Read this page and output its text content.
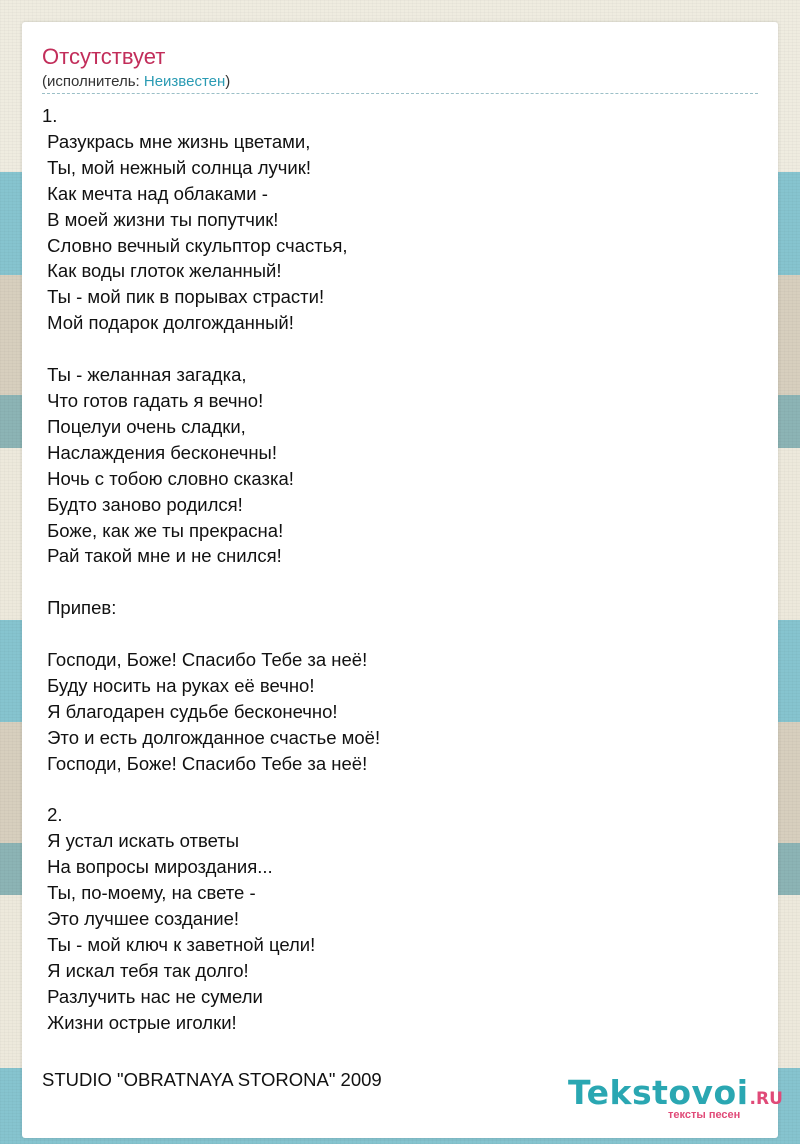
Отсутствует
(исполнитель: Неизвестен)
1.
Разукрась мне жизнь цветами,
Ты, мой нежный солнца лучик!
Как мечта над облаками -
В моей жизни ты попутчик!
Словно вечный скульптор счастья,
Как воды глоток желанный!
Ты - мой пик в порывах страсти!
Мой подарок долгожданный!

Ты - желанная загадка,
Что готов гадать я вечно!
Поцелуи очень сладки,
Наслаждения бесконечны!
Ночь с тобою словно сказка!
Будто заново родился!
Боже, как же ты прекрасна!
Рай такой мне и не снился!

Припев:

Господи, Боже! Спасибо Тебе за неё!
Буду носить на руках её вечно!
Я благодарен судьбе бесконечно!
Это и есть долгожданное счастье моё!
Господи, Боже! Спасибо Тебе за неё!

2.
Я устал искать ответы
На вопросы мироздания...
Ты, по-моему, на свете -
Это лучшее создание!
Ты - мой ключ к заветной цели!
Я искал тебя так долго!
Разлучить нас не сумели
Жизни острые иголки!
STUDIO "OBRATNAYA STORONA" 2009	Tekstovoi.RU
тексты песен
